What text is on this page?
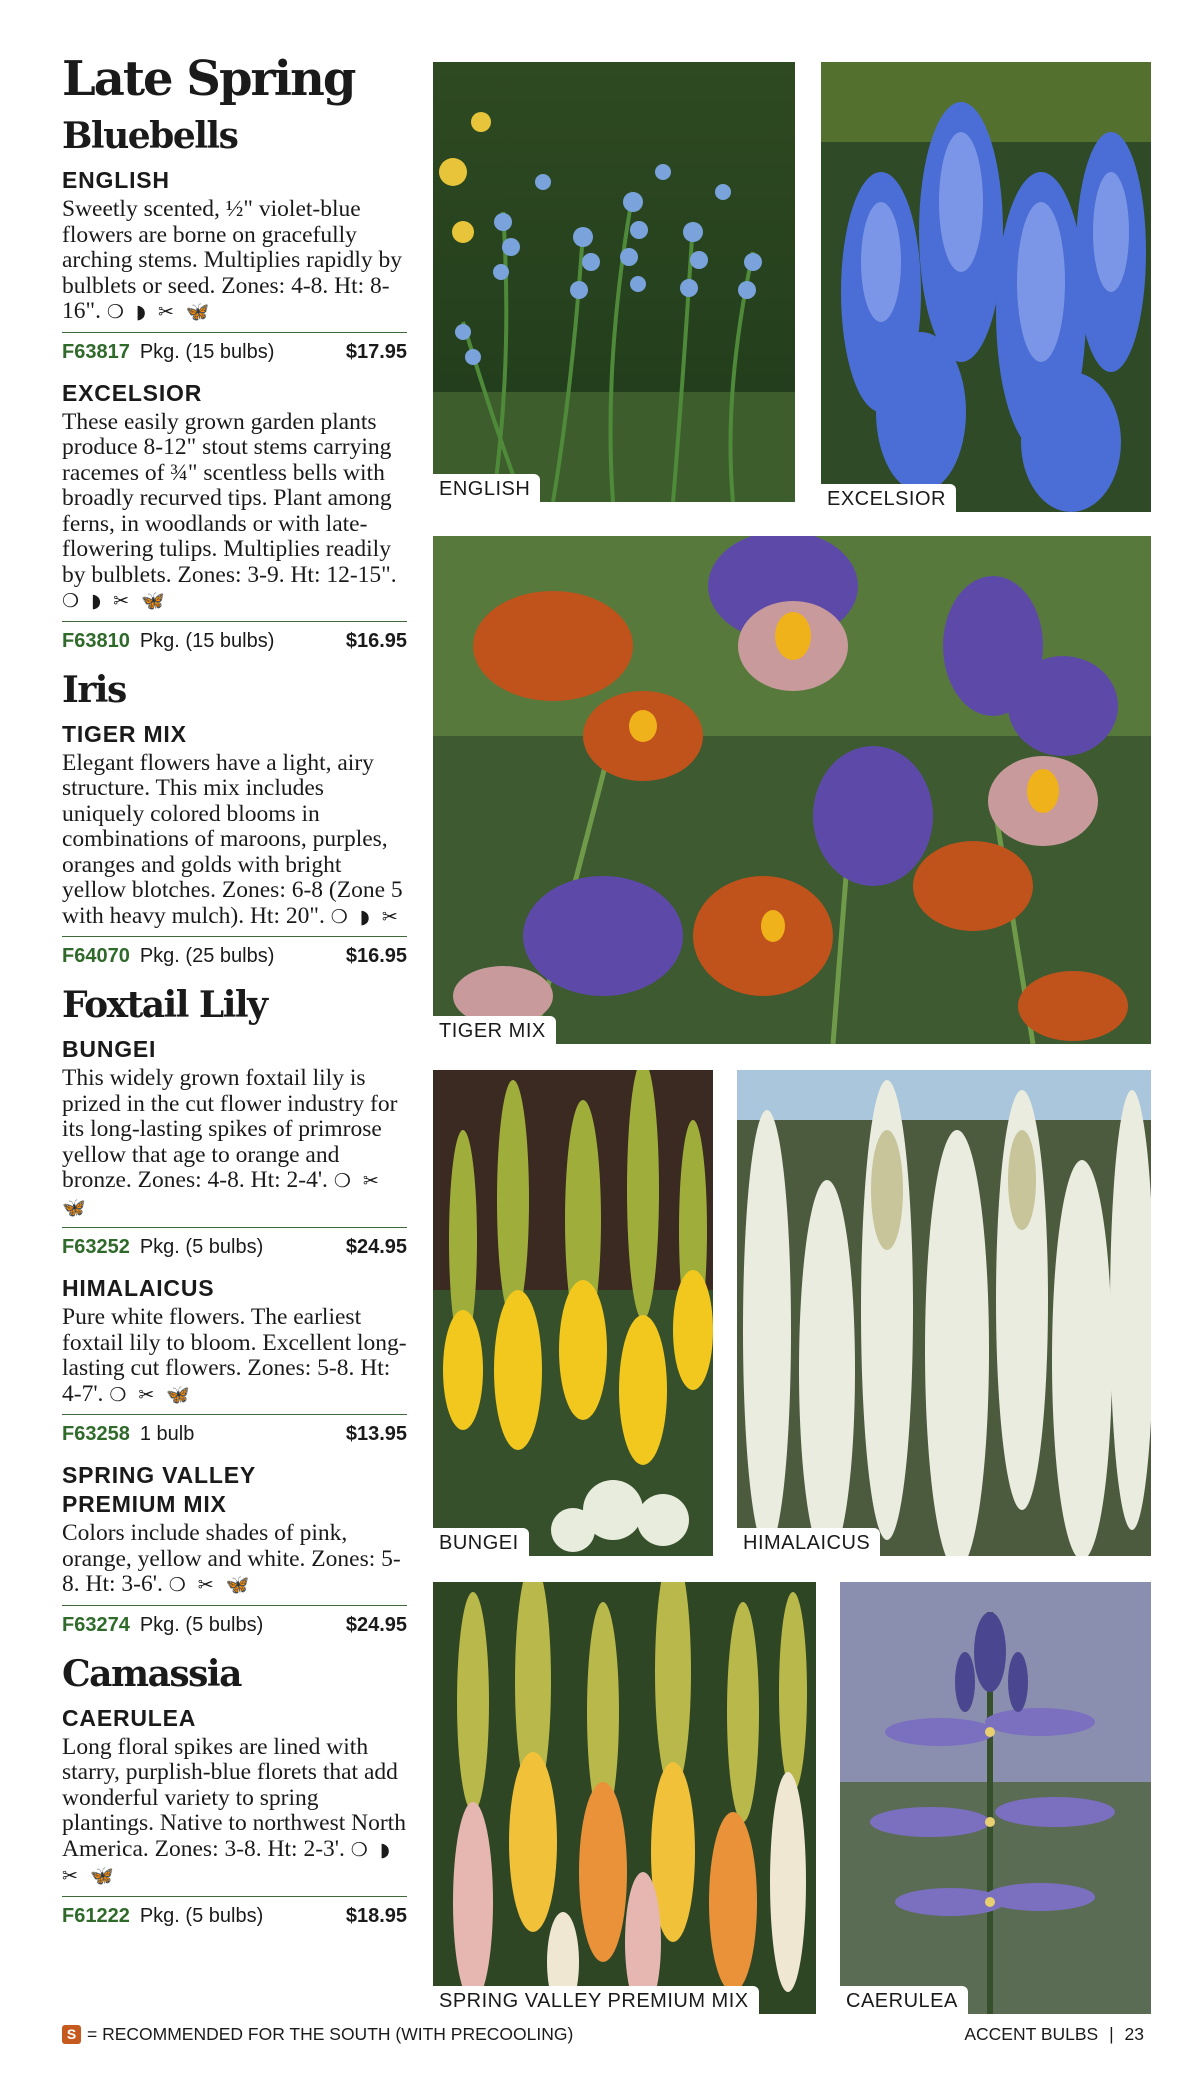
Late Spring
Bluebells
ENGLISH

Sweetly scented, ½" violet-blue flowers are borne on gracefully arching stems. Multiplies rapidly by bulblets or seed. Zones: 4-8. Ht: 8-16". ❍ ◗ ✂ 🦋

F63817 Pkg. (15 bulbs)	$17.95
EXCELSIOR

These easily grown garden plants produce 8-12" stout stems carrying racemes of ¾" scentless bells with broadly recurved tips. Plant among ferns, in woodlands or with late-flowering tulips. Multiplies readily by bulblets. Zones: 3-9. Ht: 12-15". ❍ ◗ ✂ 🦋

F63810 Pkg. (15 bulbs)	$16.95
Iris
TIGER MIX

Elegant flowers have a light, airy structure. This mix includes uniquely colored blooms in combinations of maroons, purples, oranges and golds with bright yellow blotches. Zones: 6-8 (Zone 5 with heavy mulch). Ht: 20". ❍ ◗ ✂

F64070 Pkg. (25 bulbs)	$16.95
Foxtail Lily
BUNGEI

This widely grown foxtail lily is prized in the cut flower industry for its long-lasting spikes of primrose yellow that age to orange and bronze. Zones: 4-8. Ht: 2-4'. ❍ ✂ 🦋

F63252 Pkg. (5 bulbs)	$24.95
HIMALAICUS

Pure white flowers. The earliest foxtail lily to bloom. Excellent long-lasting cut flowers. Zones: 5-8. Ht: 4-7'. ❍ ✂ 🦋

F63258 1 bulb	$13.95
SPRING VALLEY
PREMIUM MIX

Colors include shades of pink, orange, yellow and white. Zones: 5-8. Ht: 3-6'. ❍ ✂ 🦋

F63274 Pkg. (5 bulbs)	$24.95
Camassia
CAERULEA

Long floral spikes are lined with starry, purplish-blue florets that add wonderful variety to spring plantings. Native to northwest North America. Zones: 3-8. Ht: 2-3'. ❍ ◗ ✂ 🦋

F61222 Pkg. (5 bulbs)	$18.95
ENGLISH	EXCELSIOR
TIGER MIX
BUNGEI	HIMALAICUS
SPRING VALLEY PREMIUM MIX	CAERULEA
S = RECOMMENDED FOR THE SOUTH (WITH PRECOOLING)	ACCENT BULBS | 23
